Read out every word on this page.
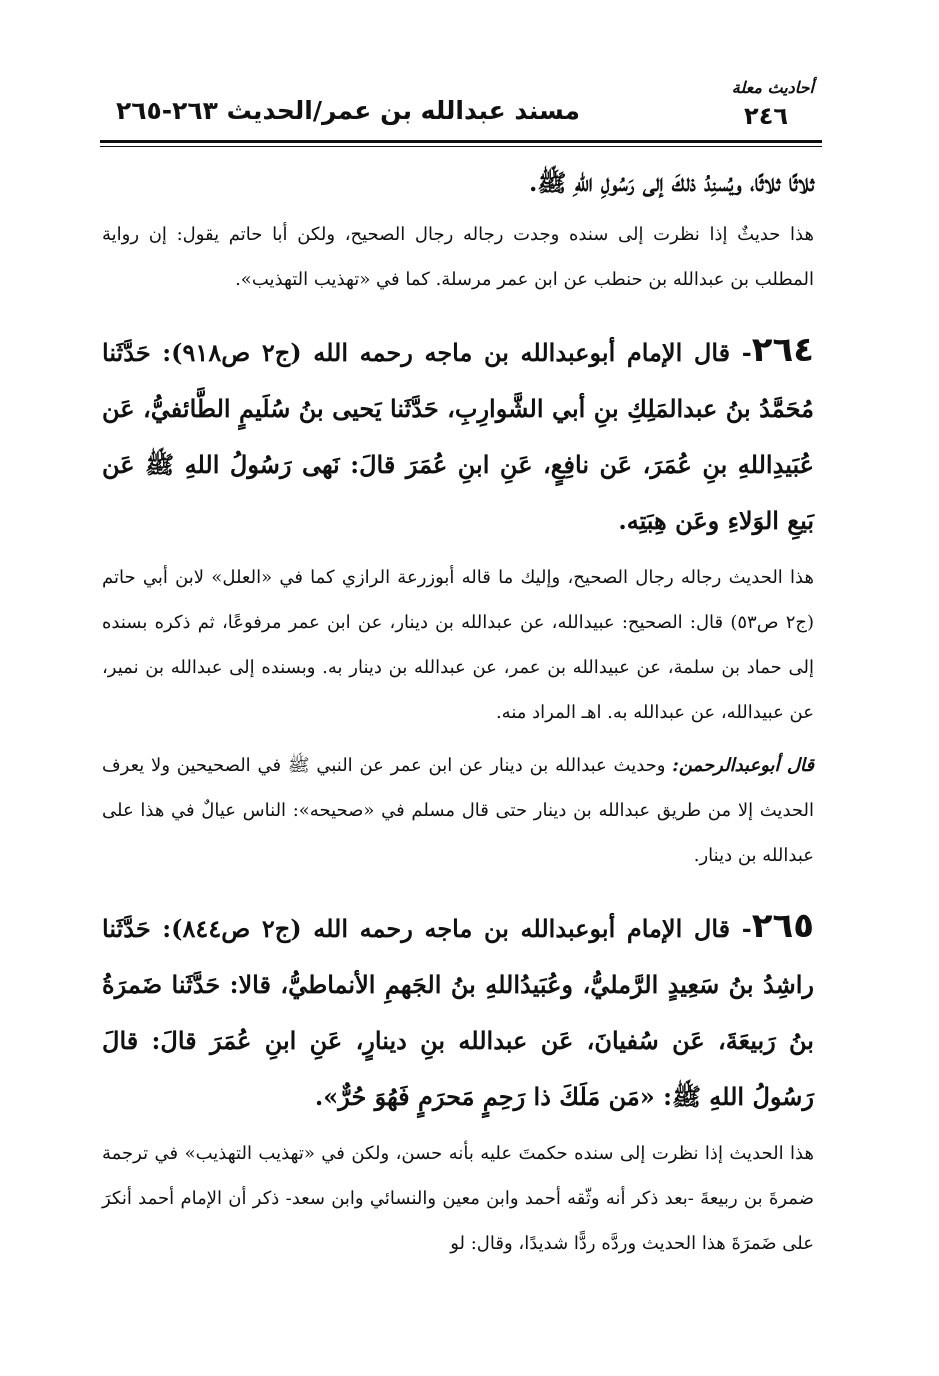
مسند عبدالله بن عمر/الحديث ٢٦٣-٢٦٥
أحاديث معلة
٢٤٦

ثلاثًا ثلاثًا، ويُسنِدُ ذلكَ إلى رَسُولِ اللهِ ﷺ.

هذا حديثٌ إذا نظرت إلى سنده وجدت رجاله رجال الصحيح، ولكن أبا حاتم يقول: إن رواية المطلب بن عبدالله بن حنطب عن ابن عمر مرسلة. كما في «تهذيب التهذيب».

٢٦٤- قال الإمام أبوعبدالله بن ماجه رحمه الله (ج٢ ص٩١٨): حَدَّثَنا مُحَمَّدُ بنُ عبدالمَلِكِ بنِ أبي الشَّوارِبِ، حَدَّثَنا يَحيى بنُ سُلَيمٍ الطَّائفيُّ، عَن عُبَيدِاللهِ بنِ عُمَرَ، عَن نافِعٍ، عَنِ ابنِ عُمَرَ قالَ: نَهى رَسُولُ اللهِ ﷺ عَن بَيعِ الوَلاءِ وعَن هِبَتِه.

هذا الحديث رجاله رجال الصحيح، وإليك ما قاله أبوزرعة الرازي كما في «العلل» لابن أبي حاتم (ج٢ ص٥٣) قال: الصحيح: عبيدالله، عن عبدالله بن دينار، عن ابن عمر مرفوعًا، ثم ذكره بسنده إلى حماد بن سلمة، عن عبيدالله بن عمر، عن عبدالله بن دينار به. وبسنده إلى عبدالله بن نمير، عن عبيدالله، عن عبدالله به. اهـ المراد منه.

قال أبوعبدالرحمن: وحديث عبدالله بن دينار عن ابن عمر عن النبي ﷺ في الصحيحين ولا يعرف الحديث إلا من طريق عبدالله بن دينار حتى قال مسلم في «صحيحه»: الناس عيالٌ في هذا على عبدالله بن دينار.

٢٦٥- قال الإمام أبوعبدالله بن ماجه رحمه الله (ج٢ ص٨٤٤): حَدَّثَنا راشِدُ بنُ سَعِيدٍ الرَّمليُّ، وعُبَيدُاللهِ بنُ الجَهمِ الأنماطيُّ، قالا: حَدَّثَنا ضَمرَةُ بنُ رَبيعَةَ، عَن سُفيانَ، عَن عبدالله بنِ دينارٍ، عَنِ ابنِ عُمَرَ قالَ: قالَ رَسُولُ اللهِ ﷺ: «مَن مَلَكَ ذا رَحِمٍ مَحرَمٍ فَهُوَ حُرٌّ».

هذا الحديث إذا نظرت إلى سنده حكمتَ عليه بأنه حسن، ولكن في «تهذيب التهذيب» في ترجمة ضمرةَ بن ربيعةَ -بعد ذكر أنه وثّقه أحمد وابن معين والنسائي وابن سعد- ذكر أن الإمام أحمد أنكرَ على ضَمرَةَ هذا الحديث وردَّه ردًّا شديدًا، وقال: لو
